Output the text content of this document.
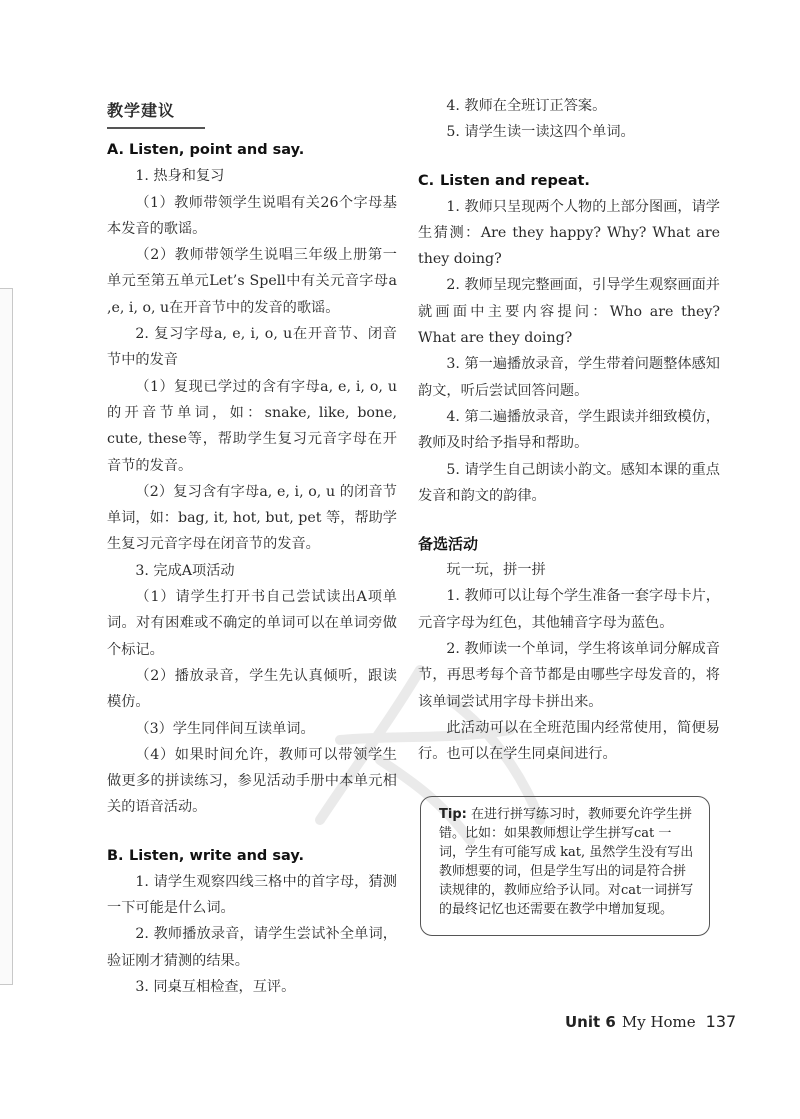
教学建议
A. Listen, point and say.

1. 热身和复习

（1）教师带领学生说唱有关26个字母基本发音的歌谣。

（2）教师带领学生说唱三年级上册第一单元至第五单元Let’s Spell中有关元音字母a ,e, i, o, u在开音节中的发音的歌谣。

2. 复习字母a, e, i, o, u在开音节、闭音节中的发音

（1）复现已学过的含有字母a, e, i, o, u的开音节单词，如：snake, like, bone, cute, these等，帮助学生复习元音字母在开音节的发音。

（2）复习含有字母a, e, i, o, u 的闭音节单词，如：bag, it, hot, but, pet 等，帮助学生复习元音字母在闭音节的发音。

3. 完成A项活动

（1）请学生打开书自己尝试读出A项单词。对有困难或不确定的单词可以在单词旁做个标记。

（2）播放录音，学生先认真倾听，跟读模仿。

（3）学生同伴间互读单词。

（4）如果时间允许，教师可以带领学生做更多的拼读练习，参见活动手册中本单元相关的语音活动。

B. Listen, write and say.

1. 请学生观察四线三格中的首字母，猜测一下可能是什么词。

2. 教师播放录音，请学生尝试补全单词，验证刚才猜测的结果。

3. 同桌互相检查，互评。

4. 教师在全班订正答案。

5. 请学生读一读这四个单词。

C. Listen and repeat.

1. 教师只呈现两个人物的上部分图画，请学生猜测：Are they happy? Why? What are they doing?

2. 教师呈现完整画面，引导学生观察画面并就画面中主要内容提问：Who are they? What are they doing?

3. 第一遍播放录音，学生带着问题整体感知韵文，听后尝试回答问题。

4. 第二遍播放录音，学生跟读并细致模仿，教师及时给予指导和帮助。

5. 请学生自己朗读小韵文。感知本课的重点发音和韵文的韵律。

备选活动

玩一玩，拼一拼

1. 教师可以让每个学生准备一套字母卡片，元音字母为红色，其他辅音字母为蓝色。

2. 教师读一个单词，学生将该单词分解成音节，再思考每个音节都是由哪些字母发音的，将该单词尝试用字母卡拼出来。

此活动可以在全班范围内经常使用，简便易行。也可以在学生同桌间进行。

Tip: 在进行拼写练习时，教师要允许学生拼错。比如：如果教师想让学生拼写cat 一词，学生有可能写成 kat, 虽然学生没有写出教师想要的词，但是学生写出的词是符合拼读规律的，教师应给予认同。对cat一词拼写的最终记忆也还需要在教学中增加复现。
Unit 6 My Home 137
